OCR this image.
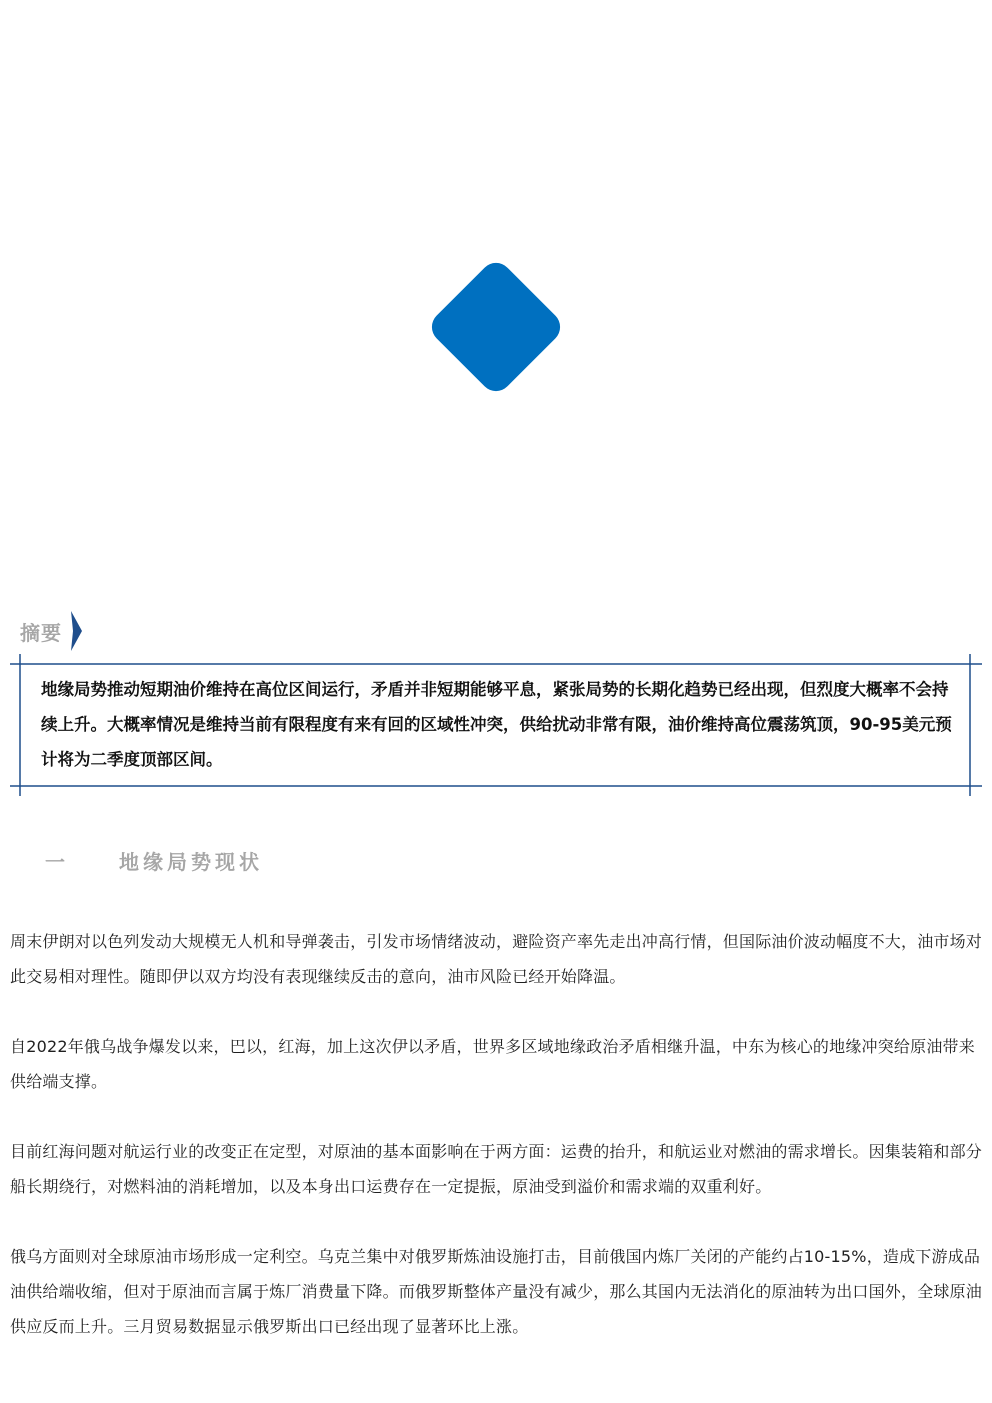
摘要

地缘局势推动短期油价维持在高位区间运行，矛盾并非短期能够平息，紧张局势的长期化趋势已经出现，但烈度大概率不会持续上升。大概率情况是维持当前有限程度有来有回的区域性冲突，供给扰动非常有限，油价维持高位震荡筑顶，90-95美元预计将为二季度顶部区间。

一	地缘局势现状

周末伊朗对以色列发动大规模无人机和导弹袭击，引发市场情绪波动，避险资产率先走出冲高行情，但国际油价波动幅度不大，油市场对此交易相对理性。随即伊以双方均没有表现继续反击的意向，油市风险已经开始降温。

自2022年俄乌战争爆发以来，巴以，红海，加上这次伊以矛盾，世界多区域地缘政治矛盾相继升温，中东为核心的地缘冲突给原油带来供给端支撑。

目前红海问题对航运行业的改变正在定型，对原油的基本面影响在于两方面：运费的抬升，和航运业对燃油的需求增长。因集装箱和部分船长期绕行，对燃料油的消耗增加，以及本身出口运费存在一定提振，原油受到溢价和需求端的双重利好。

俄乌方面则对全球原油市场形成一定利空。乌克兰集中对俄罗斯炼油设施打击，目前俄国内炼厂关闭的产能约占10-15%，造成下游成品油供给端收缩，但对于原油而言属于炼厂消费量下降。而俄罗斯整体产量没有减少，那么其国内无法消化的原油转为出口国外，全球原油供应反而上升。三月贸易数据显示俄罗斯出口已经出现了显著环比上涨。
